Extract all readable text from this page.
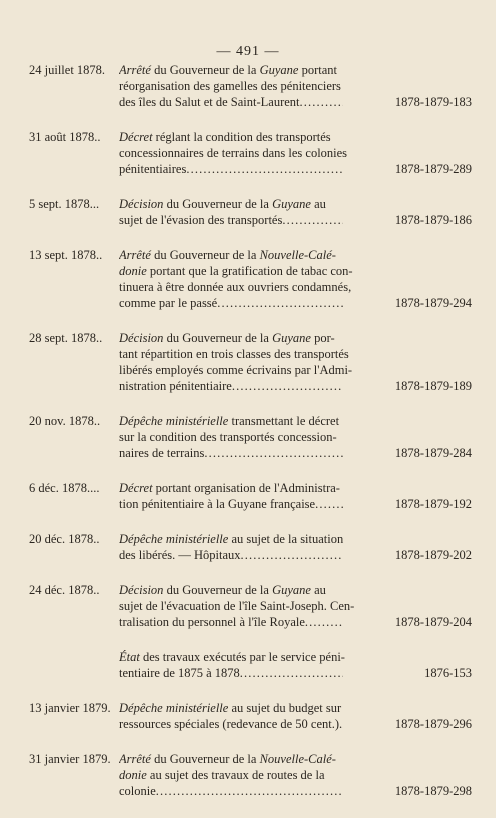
— 491 —
24 juillet 1878.	Arrêté du Gouverneur de la Guyane portant
réorganisation des gamelles des pénitenciers
des îles du Salut et de Saint-Laurent . . .	1878-1879-183
31 août 1878..	Décret réglant la condition des transportés
concessionnaires de terrains dans les colonies
pénitentiaires . . .	1878-1879-289
5 sept. 1878...	Décision du Gouverneur de la Guyane au
sujet de l'évasion des transportés . . .	1878-1879-186
13 sept. 1878..	Arrêté du Gouverneur de la Nouvelle-Calé-
donie portant que la gratification de tabac con-
tinuera à être donnée aux ouvriers condamnés,
comme par le passé . . .	1878-1879-294
28 sept. 1878..	Décision du Gouverneur de la Guyane por-
tant répartition en trois classes des transportés
libérés employés comme écrivains par l'Admi-
nistration pénitentiaire . . .	1878-1879-189
20 nov. 1878..	Dépêche ministérielle transmettant le décret
sur la condition des transportés concession-
naires de terrains . . .	1878-1879-284
6 déc. 1878....	Décret portant organisation de l'Administra-
tion pénitentiaire à la Guyane française . . .	1878-1879-192
20 déc. 1878..	Dépêche ministérielle au sujet de la situation
des libérés. — Hôpitaux . . .	1878-1879-202
24 déc. 1878..	Décision du Gouverneur de la Guyane au
sujet de l'évacuation de l'île Saint-Joseph. Cen-
tralisation du personnel à l'île Royale . . .	1878-1879-204
État des travaux exécutés par le service péni-
tentiaire de 1875 à 1878 . . .	1876-153
13 janvier 1879. Dépêche ministérielle au sujet du budget sur
ressources spéciales (redevance de 50 cent.). . . .	1878-1879-296
31 janvier 1879. Arrêté du Gouverneur de la Nouvelle-Calé-
donie au sujet des travaux de routes de la
colonie . . .	1878-1879-298
